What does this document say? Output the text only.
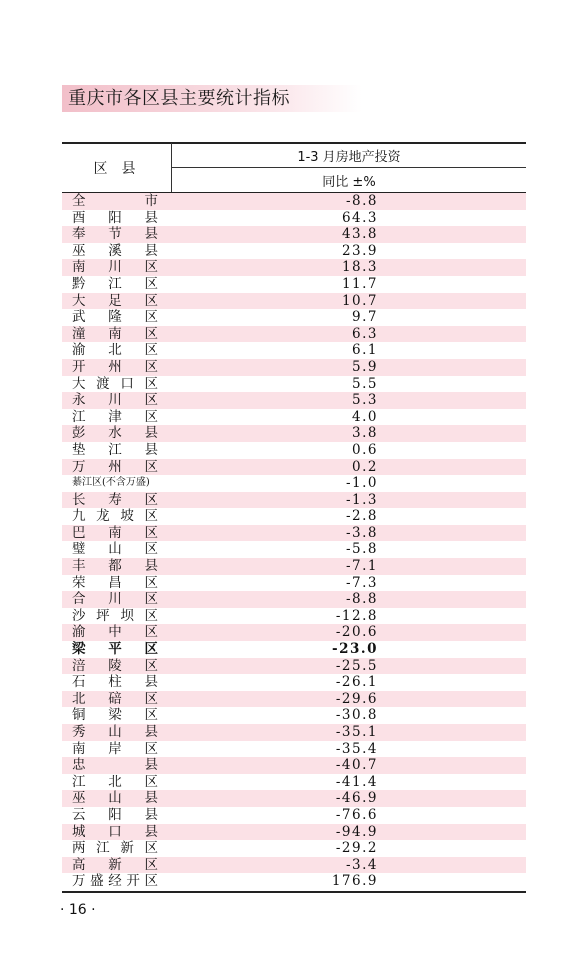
重庆市各区县主要统计指标
区县
1-3 月房地产投资
同比 ±%
全	市	-8.8
酉 阳 县	64.3
奉 节 县	43.8
巫 溪 县	23.9
南 川 区	18.3
黔 江 区	11.7
大 足 区	10.7
武 隆 区	9.7
潼 南 区	6.3
渝 北 区	6.1
开 州 区	5.9
大 渡 口 区	5.5
永 川 区	5.3
江 津 区	4.0
彭 水 县	3.8
垫 江 县	0.6
万 州 区	0.2
綦江区(不含万盛)	-1.0
长 寿 区	-1.3
九 龙 坡 区	-2.8
巴 南 区	-3.8
璧 山 区	-5.8
丰 都 县	-7.1
荣 昌 区	-7.3
合 川 区	-8.8
沙 坪 坝 区	-12.8
渝 中 区	-20.6
梁 平 区	-23.0
涪 陵 区	-25.5
石 柱 县	-26.1
北 碚 区	-29.6
铜 梁 区	-30.8
秀 山 县	-35.1
南 岸 区	-35.4
忠	县	-40.7
江 北 区	-41.4
巫 山 县	-46.9
云 阳 县	-76.6
城 口 县	-94.9
两 江 新 区	-29.2
高 新 区	-3.4
万 盛 经 开 区	176.9
· 16 ·
